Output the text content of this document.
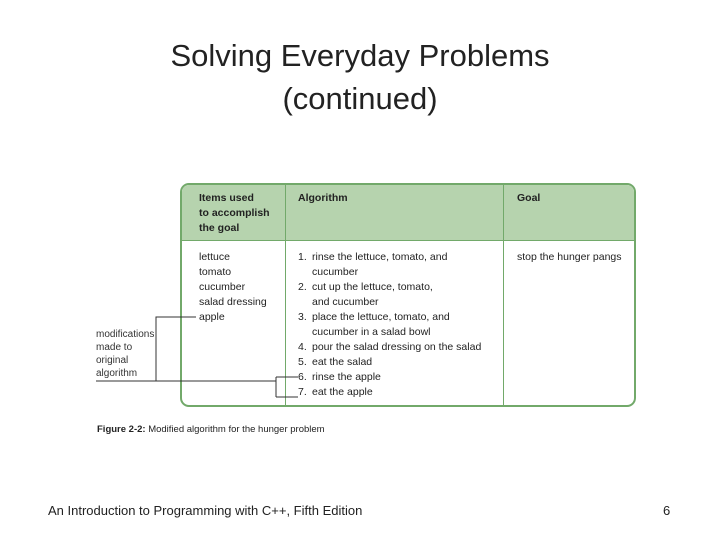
Solving Everyday Problems
(continued)
Items used
to accomplish
the goal
Algorithm	Goal
lettuce
tomato
cucumber
salad dressing
apple
1. rinse the lettuce, tomato, and
cucumber
2. cut up the lettuce, tomato,
and cucumber
3. place the lettuce, tomato, and
cucumber in a salad bowl
4. pour the salad dressing on the salad
5. eat the salad
6. rinse the apple
7. eat the apple
stop the hunger pangs
modifications
made to
original
algorithm
Figure 2-2: Modified algorithm for the hunger problem
An Introduction to Programming with C++, Fifth Edition	6
